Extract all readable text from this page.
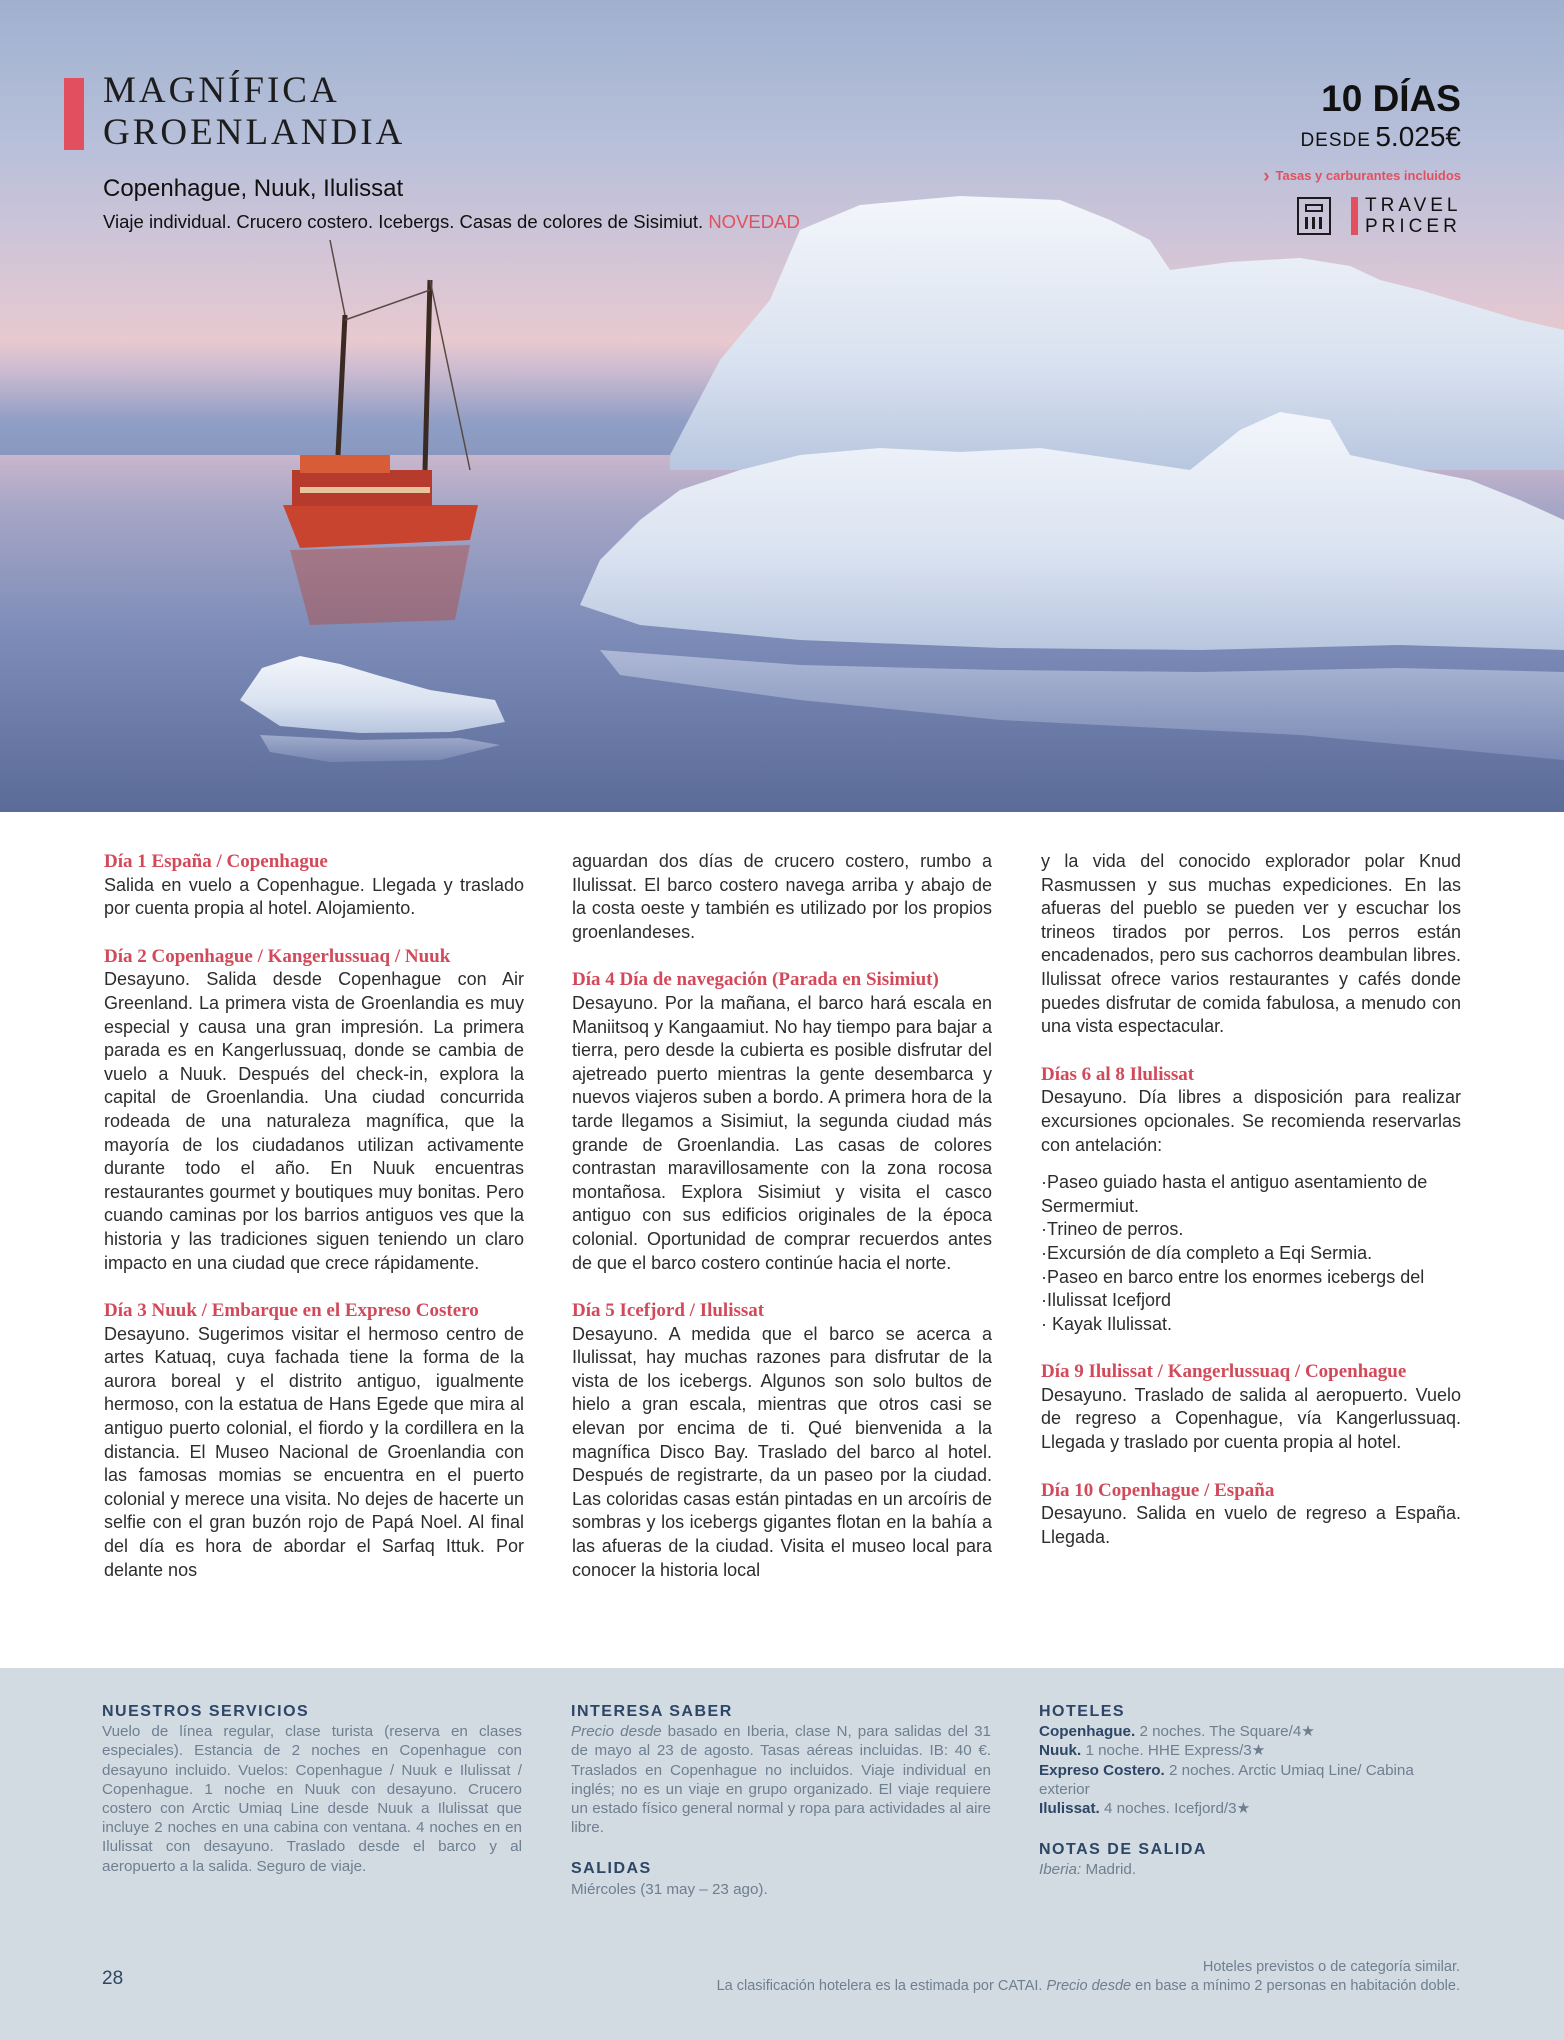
MAGNÍFICA
GROENLANDIA
Copenhague, Nuuk, Ilulissat
Viaje individual. Crucero costero. Icebergs. Casas de colores de Sisimiut. NOVEDAD
10 DÍAS
DESDE 5.025€
› Tasas y carburantes incluidos
TRAVEL
PRICER
Día 1 España / Copenhague

Salida en vuelo a Copenhague. Llegada y traslado por cuenta propia al hotel. Alojamiento.

Día 2 Copenhague / Kangerlussuaq / Nuuk

Desayuno. Salida desde Copenhague con Air Greenland. La primera vista de Groenlandia es muy especial y causa una gran impresión. La primera parada es en Kangerlussuaq, donde se cambia de vuelo a Nuuk. Después del check-in, explora la capital de Groenlandia. Una ciudad concurrida rodeada de una naturaleza magnífica, que la mayoría de los ciudadanos utilizan activamente durante todo el año. En Nuuk encuentras restaurantes gourmet y boutiques muy bonitas. Pero cuando caminas por los barrios antiguos ves que la historia y las tradiciones siguen teniendo un claro impacto en una ciudad que crece rápidamente.

Día 3 Nuuk / Embarque en el Expreso Costero

Desayuno. Sugerimos visitar el hermoso centro de artes Katuaq, cuya fachada tiene la forma de la aurora boreal y el distrito antiguo, igualmente hermoso, con la estatua de Hans Egede que mira al antiguo puerto colonial, el fiordo y la cordillera en la distancia. El Museo Nacional de Groenlandia con las famosas momias se encuentra en el puerto colonial y merece una visita. No dejes de hacerte un selfie con el gran buzón rojo de Papá Noel. Al final del día es hora de abordar el Sarfaq Ittuk. Por delante nos

aguardan dos días de crucero costero, rumbo a Ilulissat. El barco costero navega arriba y abajo de la costa oeste y también es utilizado por los propios groenlandeses.

Día 4 Día de navegación (Parada en Sisimiut)

Desayuno. Por la mañana, el barco hará escala en Maniitsoq y Kangaamiut. No hay tiempo para bajar a tierra, pero desde la cubierta es posible disfrutar del ajetreado puerto mientras la gente desembarca y nuevos viajeros suben a bordo. A primera hora de la tarde llegamos a Sisimiut, la segunda ciudad más grande de Groenlandia. Las casas de colores contrastan maravillosamente con la zona rocosa montañosa. Explora Sisimiut y visita el casco antiguo con sus edificios originales de la época colonial. Oportunidad de comprar recuerdos antes de que el barco costero continúe hacia el norte.

Día 5 Icefjord / Ilulissat

Desayuno. A medida que el barco se acerca a Ilulissat, hay muchas razones para disfrutar de la vista de los icebergs. Algunos son solo bultos de hielo a gran escala, mientras que otros casi se elevan por encima de ti. Qué bienvenida a la magnífica Disco Bay. Traslado del barco al hotel. Después de registrarte, da un paseo por la ciudad. Las coloridas casas están pintadas en un arcoíris de sombras y los icebergs gigantes flotan en la bahía a las afueras de la ciudad. Visita el museo local para conocer la historia local

y la vida del conocido explorador polar Knud Rasmussen y sus muchas expediciones. En las afueras del pueblo se pueden ver y escuchar los trineos tirados por perros. Los perros están encadenados, pero sus cachorros deambulan libres. Ilulissat ofrece varios restaurantes y cafés donde puedes disfrutar de comida fabulosa, a menudo con una vista espectacular.

Días 6 al 8 Ilulissat

Desayuno. Día libres a disposición para realizar excursiones opcionales. Se recomienda reservarlas con antelación:

·Paseo guiado hasta el antiguo asentamiento de Sermermiut.

·Trineo de perros.

·Excursión de día completo a Eqi Sermia.

·Paseo en barco entre los enormes icebergs del ·Ilulissat Icefjord

· Kayak Ilulissat.

Día 9 Ilulissat / Kangerlussuaq / Copenhague

Desayuno. Traslado de salida al aeropuerto. Vuelo de regreso a Copenhague, vía Kangerlussuaq. Llegada y traslado por cuenta propia al hotel.

Día 10 Copenhague / España

Desayuno. Salida en vuelo de regreso a España. Llegada.

NUESTROS SERVICIOS

Vuelo de línea regular, clase turista (reserva en clases especiales). Estancia de 2 noches en Copenhague con desayuno incluido. Vuelos: Copenhague / Nuuk e Ilulissat / Copenhague. 1 noche en Nuuk con desayuno. Crucero costero con Arctic Umiaq Line desde Nuuk a Ilulissat que incluye 2 noches en una cabina con ventana. 4 noches en en Ilulissat con desayuno. Traslado desde el barco y al aeropuerto a la salida. Seguro de viaje.

INTERESA SABER

Precio desde basado en Iberia, clase N, para salidas del 31 de mayo al 23 de agosto. Tasas aéreas incluidas. IB: 40 €. Traslados en Copenhague no incluidos. Viaje individual en inglés; no es un viaje en grupo organizado. El viaje requiere un estado físico general normal y ropa para actividades al aire libre.

SALIDAS

Miércoles (31 may – 23 ago).

HOTELES

Copenhague. 2 noches. The Square/4★

Nuuk. 1 noche. HHE Express/3★

Expreso Costero. 2 noches. Arctic Umiaq Line/ Cabina exterior

Ilulissat. 4 noches. Icefjord/3★

NOTAS DE SALIDA

Iberia: Madrid.

28
Hoteles previstos o de categoría similar.
La clasificación hotelera es la estimada por CATAI. Precio desde en base a mínimo 2 personas en habitación doble.
